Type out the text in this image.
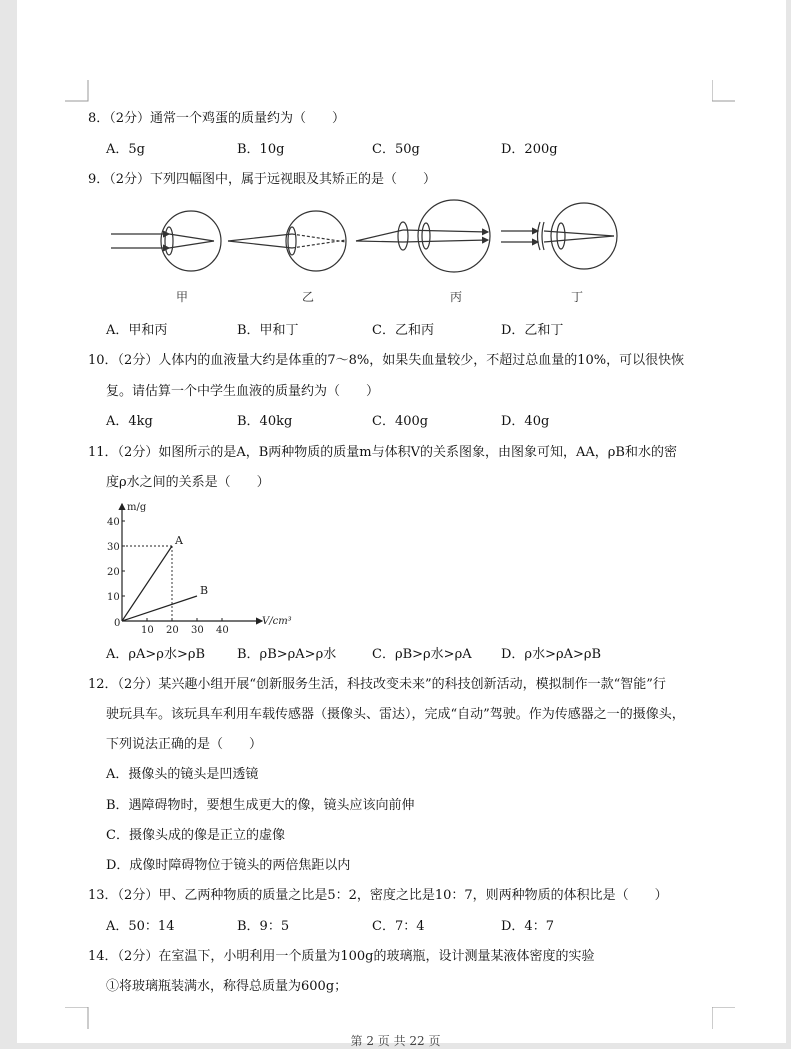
8．（2分）通常一个鸡蛋的质量约为（　　）
A．5g	B．10g	C．50g	D．200g
9．（2分）下列四幅图中，属于远视眼及其矫正的是（　　）
甲	乙	丙	丁
A．甲和丙	B．甲和丁	C．乙和丙	D．乙和丁
10．（2分）人体内的血液量大约是体重的7～8%，如果失血量较少，不超过总血量的10%，可以很快恢
复。请估算一个中学生血液的质量约为（　　）
A．4kg	B．40kg	C．400g	D．40g
11．（2分）如图所示的是A，B两种物质的质量m与体积V的关系图象，由图象可知，AA，ρB和水的密
度ρ水之间的关系是（　　）
m/g
V/cm³
0
10 20 30 40
10
20
30
40
A
B
A．ρA>ρ水>ρB B．ρB>ρA>ρ水	C．ρB>ρ水>ρA D．ρ水>ρA>ρB
12．（2分）某兴趣小组开展“创新服务生活，科技改变未来”的科技创新活动，模拟制作一款“智能”行
驶玩具车。该玩具车利用车载传感器（摄像头、雷达），完成“自动”驾驶。作为传感器之一的摄像头，
下列说法正确的是（　　）
A．摄像头的镜头是凹透镜
B．遇障碍物时，要想生成更大的像，镜头应该向前伸
C．摄像头成的像是正立的虚像
D．成像时障碍物位于镜头的两倍焦距以内
13．（2分）甲、乙两种物质的质量之比是5：2，密度之比是10：7，则两种物质的体积比是（　　）
A．50：14	B．9：5	C．7：4	D．4：7
14．（2分）在室温下，小明利用一个质量为100g的玻璃瓶，设计测量某液体密度的实验
①将玻璃瓶装满水，称得总质量为600g；
第 2 页 共 22 页
